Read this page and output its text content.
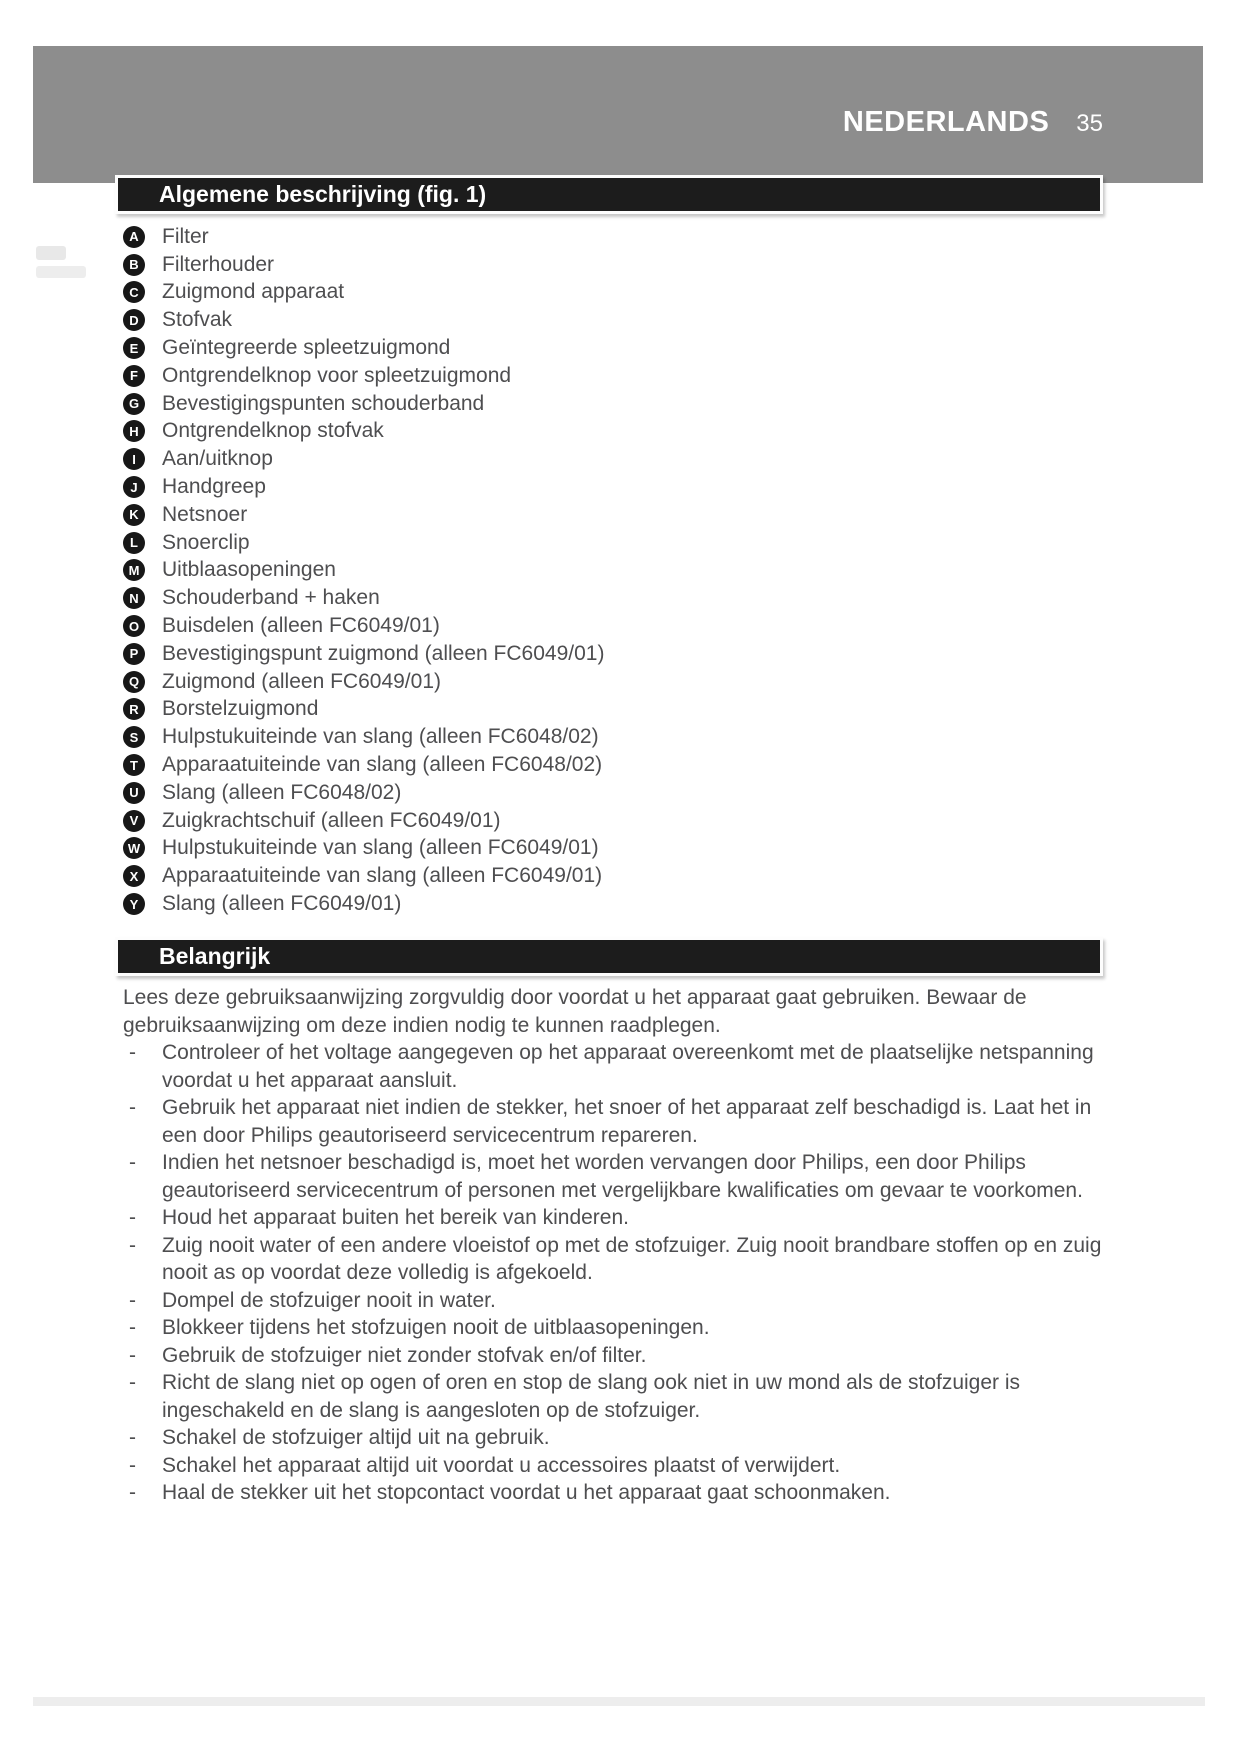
NEDERLANDS 35
Algemene beschrijving (fig. 1)
A	Filter
B	Filterhouder
C	Zuigmond apparaat
D	Stofvak
E	Geïntegreerde spleetzuigmond
F	Ontgrendelknop voor spleetzuigmond
G Bevestigingspunten schouderband
H	Ontgrendelknop stofvak
I	Aan/uitknop
J	Handgreep
K	Netsnoer
L	Snoerclip
M Uitblaasopeningen
N	Schouderband + haken
O Buisdelen (alleen FC6049/01)
P	Bevestigingspunt zuigmond (alleen FC6049/01)
Q Zuigmond (alleen FC6049/01)
R	Borstelzuigmond
S	Hulpstukuiteinde van slang (alleen FC6048/02)
T	Apparaatuiteinde van slang (alleen FC6048/02)
U	Slang (alleen FC6048/02)
V	Zuigkrachtschuif (alleen FC6049/01)
W Hulpstukuiteinde van slang (alleen FC6049/01)
X	Apparaatuiteinde van slang (alleen FC6049/01)
Y	Slang (alleen FC6049/01)
Belangrijk

Lees deze gebruiksaanwijzing zorgvuldig door voordat u het apparaat gaat gebruiken. Bewaar de gebruiksaanwijzing om deze indien nodig te kunnen raadplegen.

-	Controleer of het voltage aangegeven op het apparaat overeenkomt met de plaatselijke netspanning voordat u het apparaat aansluit.
-	Gebruik het apparaat niet indien de stekker, het snoer of het apparaat zelf beschadigd is. Laat het in een door Philips geautoriseerd servicecentrum repareren.
-	Indien het netsnoer beschadigd is, moet het worden vervangen door Philips, een door Philips geautoriseerd servicecentrum of personen met vergelijkbare kwalificaties om gevaar te voorkomen.
-	Houd het apparaat buiten het bereik van kinderen.
-	Zuig nooit water of een andere vloeistof op met de stofzuiger. Zuig nooit brandbare stoffen op en zuig nooit as op voordat deze volledig is afgekoeld.
-	Dompel de stofzuiger nooit in water.
-	Blokkeer tijdens het stofzuigen nooit de uitblaasopeningen.
-	Gebruik de stofzuiger niet zonder stofvak en/of filter.
-	Richt de slang niet op ogen of oren en stop de slang ook niet in uw mond als de stofzuiger is ingeschakeld en de slang is aangesloten op de stofzuiger.
-	Schakel de stofzuiger altijd uit na gebruik.
-	Schakel het apparaat altijd uit voordat u accessoires plaatst of verwijdert.
-	Haal de stekker uit het stopcontact voordat u het apparaat gaat schoonmaken.
